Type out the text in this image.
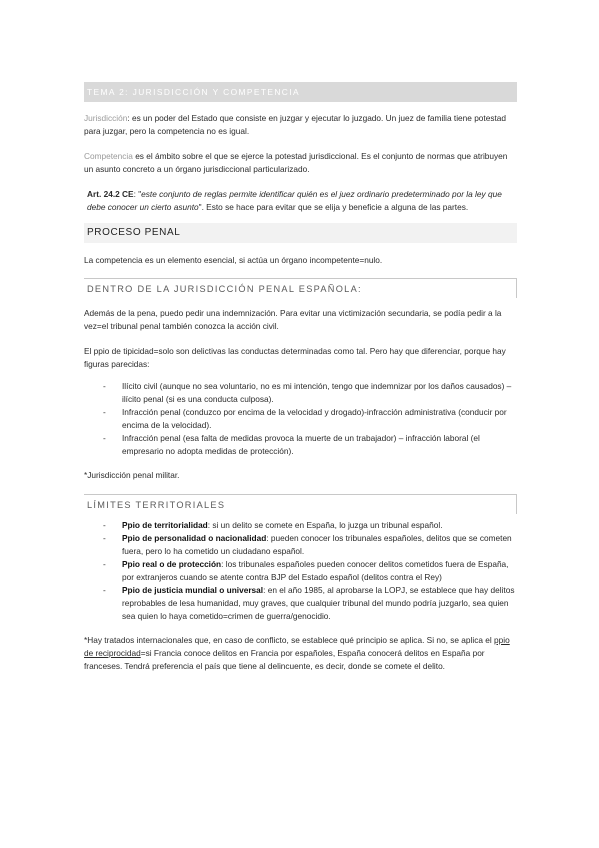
TEMA 2: JURISDICCIÓN Y COMPETENCIA

Jurisdicción: es un poder del Estado que consiste en juzgar y ejecutar lo juzgado. Un juez de familia tiene potestad para juzgar, pero la competencia no es igual.

Competencia es el ámbito sobre el que se ejerce la potestad jurisdiccional. Es el conjunto de normas que atribuyen un asunto concreto a un órgano jurisdiccional particularizado.

Art. 24.2 CE: "este conjunto de reglas permite identificar quién es el juez ordinario predeterminado por la ley que debe conocer un cierto asunto". Esto se hace para evitar que se elija y beneficie a alguna de las partes.

PROCESO PENAL

La competencia es un elemento esencial, si actúa un órgano incompetente=nulo.

DENTRO DE LA JURISDICCIÓN PENAL ESPAÑOLA:

Además de la pena, puedo pedir una indemnización. Para evitar una victimización secundaria, se podía pedir a la vez=el tribunal penal también conozca la acción civil.

El ppio de tipicidad=solo son delictivas las conductas determinadas como tal. Pero hay que diferenciar, porque hay figuras parecidas:

- Ilícito civil (aunque no sea voluntario, no es mi intención, tengo que indemnizar por los daños causados) – ilícito penal (si es una conducta culposa).
- Infracción penal (conduzco por encima de la velocidad y drogado)-infracción administrativa (conducir por encima de la velocidad).
- Infracción penal (esa falta de medidas provoca la muerte de un trabajador) – infracción laboral (el empresario no adopta medidas de protección).

*Jurisdicción penal militar.

LÍMITES TERRITORIALES
- Ppio de territorialidad: si un delito se comete en España, lo juzga un tribunal español.
- Ppio de personalidad o nacionalidad: pueden conocer los tribunales españoles, delitos que se cometen fuera, pero lo ha cometido un ciudadano español.
- Ppio real o de protección: los tribunales españoles pueden conocer delitos cometidos fuera de España, por extranjeros cuando se atente contra BJP del Estado español (delitos contra el Rey)
- Ppio de justicia mundial o universal: en el año 1985, al aprobarse la LOPJ, se establece que hay delitos reprobables de lesa humanidad, muy graves, que cualquier tribunal del mundo podría juzgarlo, sea quien sea quien lo haya cometido=crimen de guerra/genocidio.

*Hay tratados internacionales que, en caso de conflicto, se establece qué principio se aplica. Si no, se aplica el ppio de reciprocidad=si Francia conoce delitos en Francia por españoles, España conocerá delitos en España por franceses. Tendrá preferencia el país que tiene al delincuente, es decir, donde se comete el delito.
